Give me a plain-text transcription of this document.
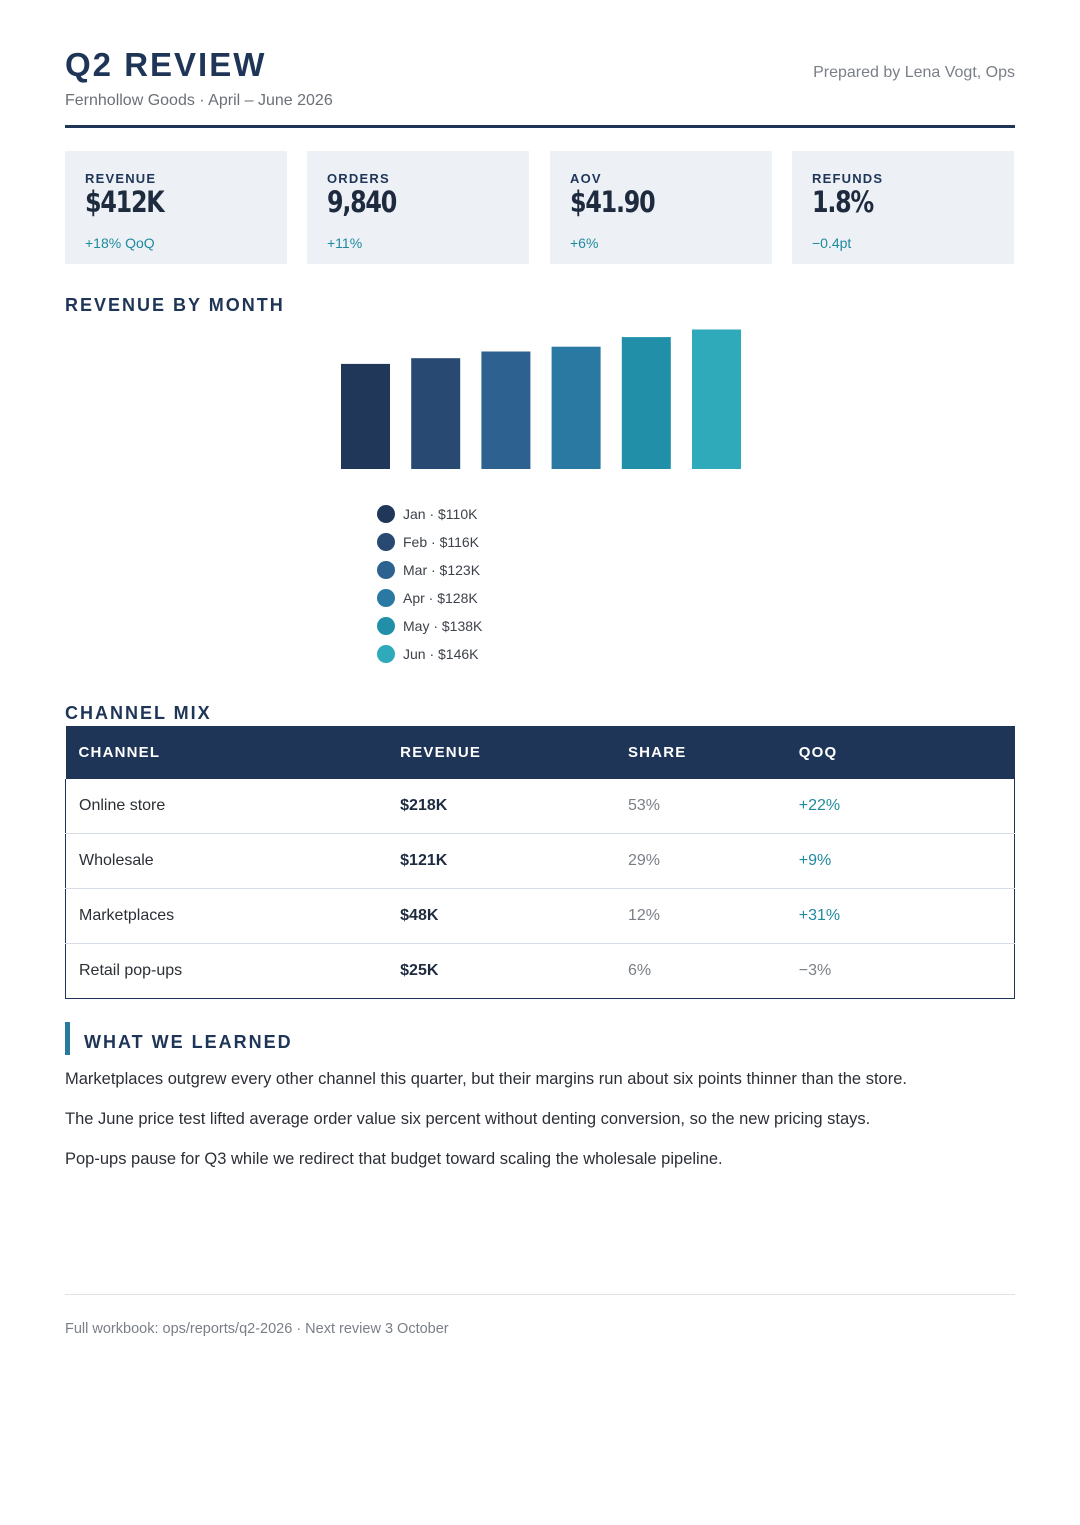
Q2 REVIEW
Fernhollow Goods · April – June 2026
Prepared by Lena Vogt, Ops
REVENUE
$412K
+18% QoQ
ORDERS
9,840
+11%
AOV
$41.90
+6%
REFUNDS
1.8%
−0.4pt
REVENUE BY MONTH
Jan · $110K
Feb · $116K
Mar · $123K
Apr · $128K
May · $138K
Jun · $146K
CHANNEL MIX
CHANNEL	REVENUE	SHARE	QOQ
Online store	$218K	53%	+22%
Wholesale	$121K	29%	+9%
Marketplaces	$48K	12%	+31%
Retail pop-ups	$25K	6%	−3%
WHAT WE LEARNED
Marketplaces outgrew every other channel this quarter, but their margins run about six points thinner than the store.
The June price test lifted average order value six percent without denting conversion, so the new pricing stays.
Pop-ups pause for Q3 while we redirect that budget toward scaling the wholesale pipeline.
Full workbook: ops/reports/q2-2026 · Next review 3 October
